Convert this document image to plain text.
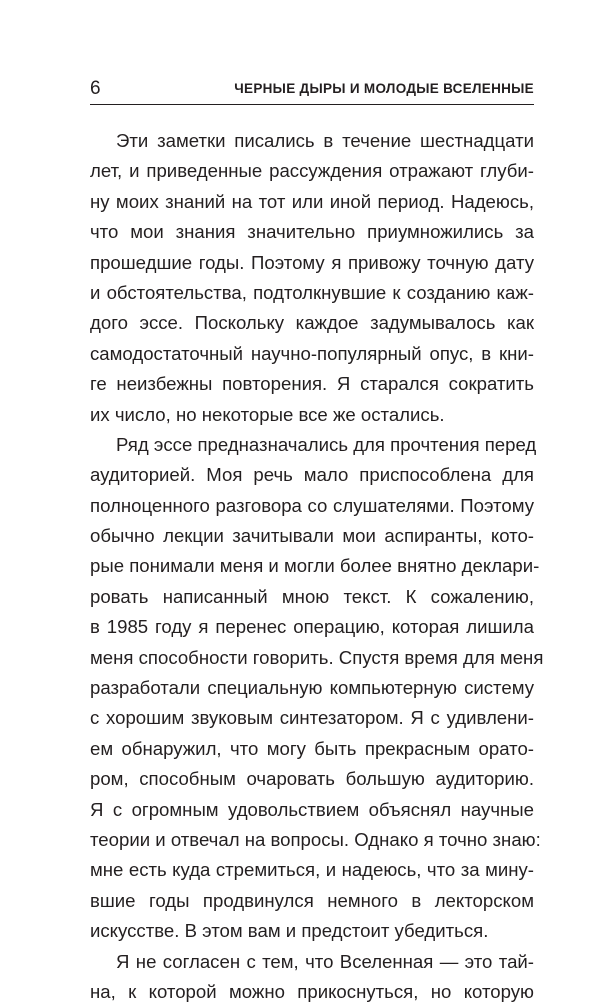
6	ЧЕРНЫЕ ДЫРЫ И МОЛОДЫЕ ВСЕЛЕННЫЕ
Эти заметки писались в течение шестнадцати
лет, и приведенные рассуждения отражают глуби-
ну моих знаний на тот или иной период. Надеюсь,
что мои знания значительно приумножились за
прошедшие годы. Поэтому я привожу точную дату
и обстоятельства, подтолкнувшие к созданию каж-
дого эссе. Поскольку каждое задумывалось как
самодостаточный научно-популярный опус, в кни-
ге неизбежны повторения. Я старался сократить
их число, но некоторые все же остались.
Ряд эссе предназначались для прочтения перед
аудиторией. Моя речь мало приспособлена для
полноценного разговора со слушателями. Поэтому
обычно лекции зачитывали мои аспиранты, кото-
рые понимали меня и могли более внятно деклари-
ровать написанный мною текст. К сожалению,
в 1985 году я перенес операцию, которая лишила
меня способности говорить. Спустя время для меня
разработали специальную компьютерную систему
с хорошим звуковым синтезатором. Я с удивлени-
ем обнаружил, что могу быть прекрасным орато-
ром, способным очаровать большую аудиторию.
Я с огромным удовольствием объяснял научные
теории и отвечал на вопросы. Однако я точно знаю:
мне есть куда стремиться, и надеюсь, что за мину-
вшие годы продвинулся немного в лекторском
искусстве. В этом вам и предстоит убедиться.
Я не согласен с тем, что Вселенная — это тай-
на, к которой можно прикоснуться, но которую
